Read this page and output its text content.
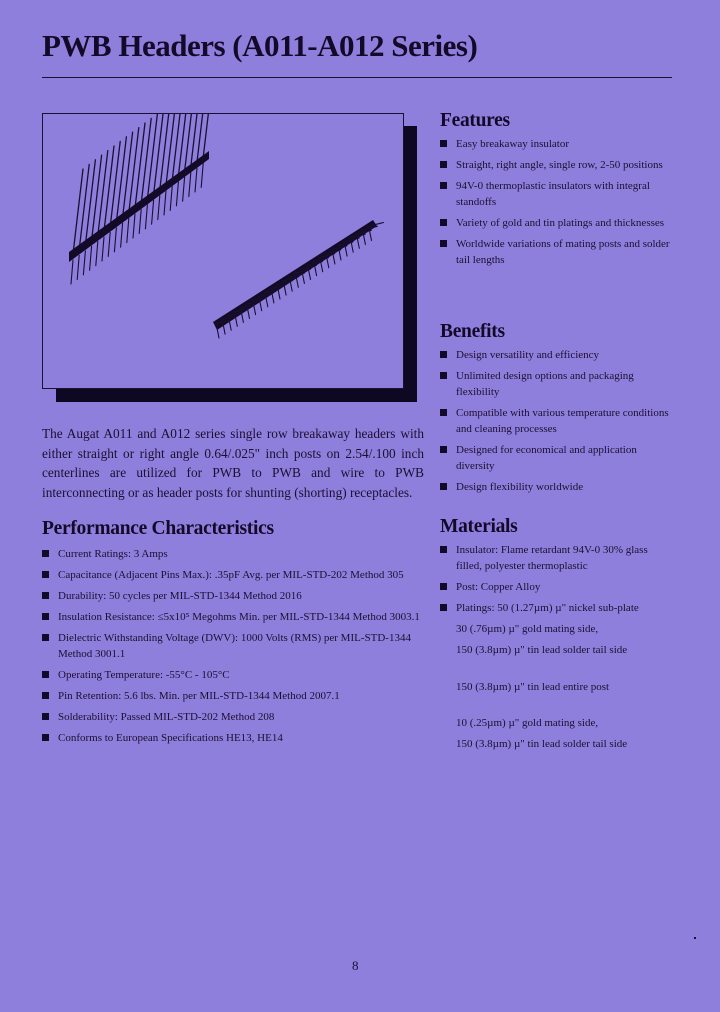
PWB Headers (A011-A012 Series)
The Augat A011 and A012 series single row breakaway headers with either straight or right angle 0.64/.025" inch posts on 2.54/.100 inch centerlines are utilized for PWB to PWB and wire to PWB interconnecting or as header posts for shunting (shorting) receptacles.
Performance Characteristics
Current Ratings: 3 Amps
Capacitance (Adjacent Pins Max.): .35pF Avg. per MIL-STD-202 Method 305
Durability: 50 cycles per MIL-STD-1344 Method 2016
Insulation Resistance: ≤5x10⁵ Megohms Min. per MIL-STD-1344 Method 3003.1
Dielectric Withstanding Voltage (DWV): 1000 Volts (RMS) per MIL-STD-1344 Method 3001.1
Operating Temperature: -55°C - 105°C
Pin Retention: 5.6 lbs. Min. per MIL-STD-1344 Method 2007.1
Solderability: Passed MIL-STD-202 Method 208
Conforms to European Specifications HE13, HE14
Features
Easy breakaway insulator
Straight, right angle, single row, 2-50 positions
94V-0 thermoplastic insulators with integral standoffs
Variety of gold and tin platings and thicknesses
Worldwide variations of mating posts and solder tail lengths
Benefits
Design versatility and efficiency
Unlimited design options and packaging flexibility
Compatible with various temperature conditions and cleaning processes
Designed for economical and application diversity
Design flexibility worldwide
Materials
Insulator: Flame retardant 94V-0 30% glass filled, polyester thermoplastic
Post: Copper Alloy
Platings: 50 (1.27µm) µ" nickel sub-plate
30 (.76µm) µ" gold mating side,
150 (3.8µm) µ" tin lead solder tail side
150 (3.8µm) µ" tin lead entire post
10 (.25µm) µ" gold mating side,
150 (3.8µm) µ" tin lead solder tail side
8
